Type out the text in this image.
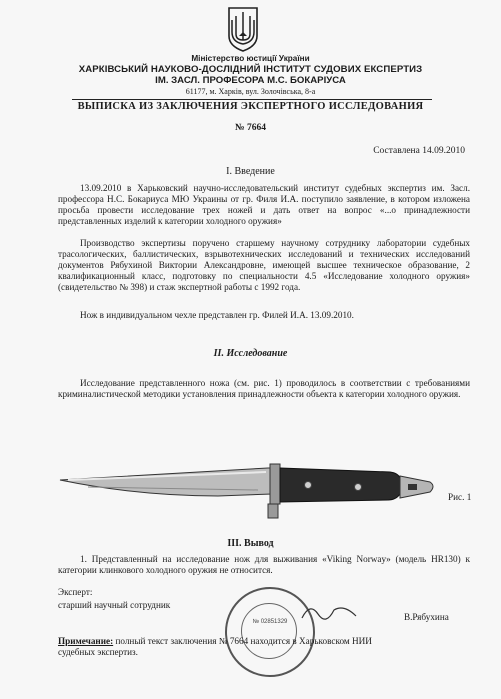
Міністерство юстиції України
ХАРКІВСЬКИЙ НАУКОВО-ДОСЛІДНИЙ ІНСТИТУТ СУДОВИХ ЕКСПЕРТИЗ
ІМ. ЗАСЛ. ПРОФЕСОРА М.С. БОКАРІУСА
61177, м. Харків, вул. Золочівська, 8-а
ВЫПИСКА ИЗ ЗАКЛЮЧЕНИЯ ЭКСПЕРТНОГО ИССЛЕДОВАНИЯ
№ 7664
Составлена 14.09.2010
I. Введение
13.09.2010 в Харьковский научно-исследовательский институт судебных экспертиз им. Засл. профессора Н.С. Бокариуса МЮ Украины от гр. Филя И.А. поступило заявление, в котором изложена просьба провести исследование трех ножей и дать ответ на вопрос «...о принадлежности представленных изделий к категории холодного оружия»
Производство экспертизы поручено старшему научному сотруднику лаборатории судебных трасологических, баллистических, взрывотехнических исследований и технических исследований документов Рябухиной Виктории Александровне, имеющей высшее техническое образование, 2 квалификационный класс, подготовку по специальности 4.5 «Исследование холодного оружия» (свидетельство № 398) и стаж экспертной работы с 1992 года.
Нож в индивидуальном чехле представлен гр. Филей И.А. 13.09.2010.
II. Исследование
Исследование представленного ножа (см. рис. 1) проводилось в соответствии с требованиями криминалистической методики установления принадлежности объекта к категории холодного оружия.
Рис. 1
III. Вывод
1. Представленный на исследование нож для выживания «Viking Norway» (модель HR130) к категории клинкового холодного оружия не относится.
Эксперт:
старший научный сотрудник
В.Рябухина
№ 02851329
Примечание: полный текст заключения № 7664 находится в Харьковском НИИ
судебных экспертиз.
